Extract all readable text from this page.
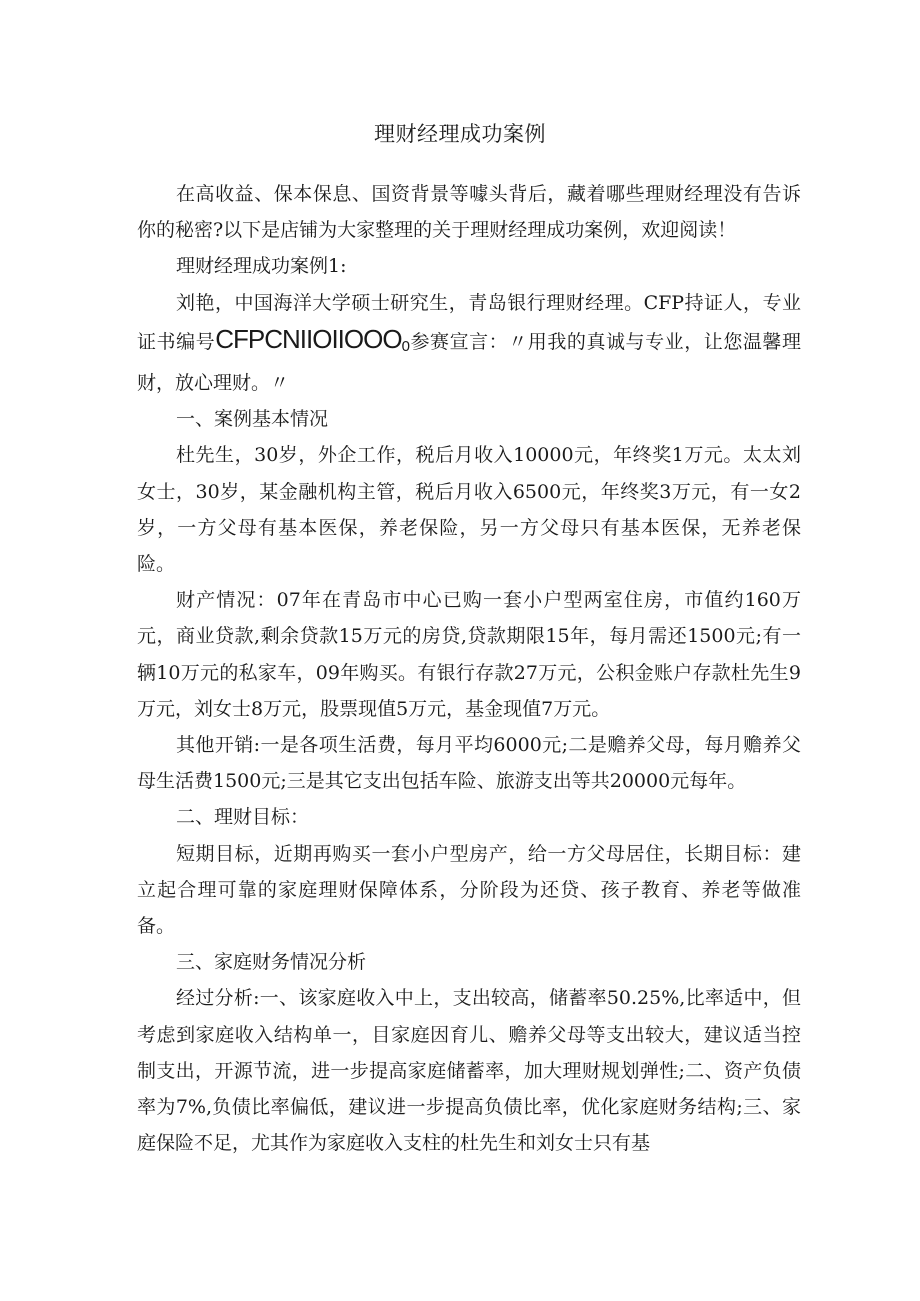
理财经理成功案例

在高收益、保本保息、国资背景等噱头背后，藏着哪些理财经理没有告诉你的秘密?以下是店铺为大家整理的关于理财经理成功案例，欢迎阅读！

理财经理成功案例1:

刘艳，中国海洋大学硕士研究生，青岛银行理财经理。CFP持证人，专业证书编号CFPCNIIOIIOOO0参赛宣言：〃用我的真诚与专业，让您温馨理财，放心理财。〃

一、案例基本情况

杜先生，30岁，外企工作，税后月收入10000元，年终奖1万元。太太刘女士，30岁，某金融机构主管，税后月收入6500元，年终奖3万元，有一女2岁，一方父母有基本医保，养老保险，另一方父母只有基本医保，无养老保险。

财产情况：07年在青岛市中心已购一套小户型两室住房，市值约160万元，商业贷款,剩余贷款15万元的房贷,贷款期限15年，每月需还1500元;有一辆10万元的私家车，09年购买。有银行存款27万元，公积金账户存款杜先生9万元，刘女士8万元，股票现值5万元，基金现值7万元。

其他开销:一是各项生活费，每月平均6000元;二是赡养父母，每月赡养父母生活费1500元;三是其它支出包括车险、旅游支出等共20000元每年。

二、理财目标：

短期目标，近期再购买一套小户型房产，给一方父母居住，长期目标：建立起合理可靠的家庭理财保障体系，分阶段为还贷、孩子教育、养老等做准备。

三、家庭财务情况分析

经过分析:一、该家庭收入中上，支出较高，储蓄率50.25%,比率适中，但考虑到家庭收入结构单一，目家庭因育儿、赡养父母等支出较大，建议适当控制支出，开源节流，进一步提高家庭储蓄率，加大理财规划弹性;二、资产负债率为7%,负债比率偏低，建议进一步提高负债比率，优化家庭财务结构;三、家庭保险不足，尤其作为家庭收入支柱的杜先生和刘女士只有基
